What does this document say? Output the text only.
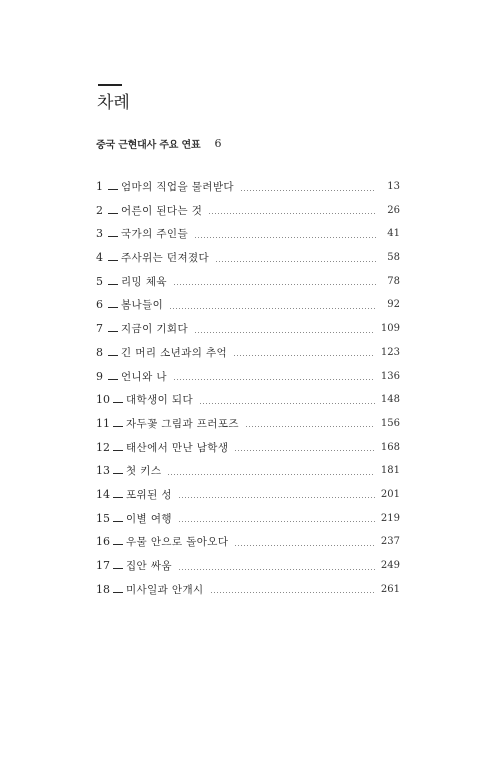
차례
중국 근현대사 주요 연표 6
1 엄마의 직업을 물려받다	13
2 어른이 된다는 것	26
3 국가의 주인들	41
4 주사위는 던져졌다	58
5 리밍 체육	78
6 봄나들이	92
7 지금이 기회다	109
8 긴 머리 소년과의 추억	123
9 언니와 나	136
10 대학생이 되다	148
11 자두꽃 그림과 프러포즈	156
12 태산에서 만난 남학생	168
13 첫 키스	181
14 포위된 성	201
15 이별 여행	219
16 우물 안으로 돌아오다	237
17 집안 싸움	249
18 미사일과 안개시	261
